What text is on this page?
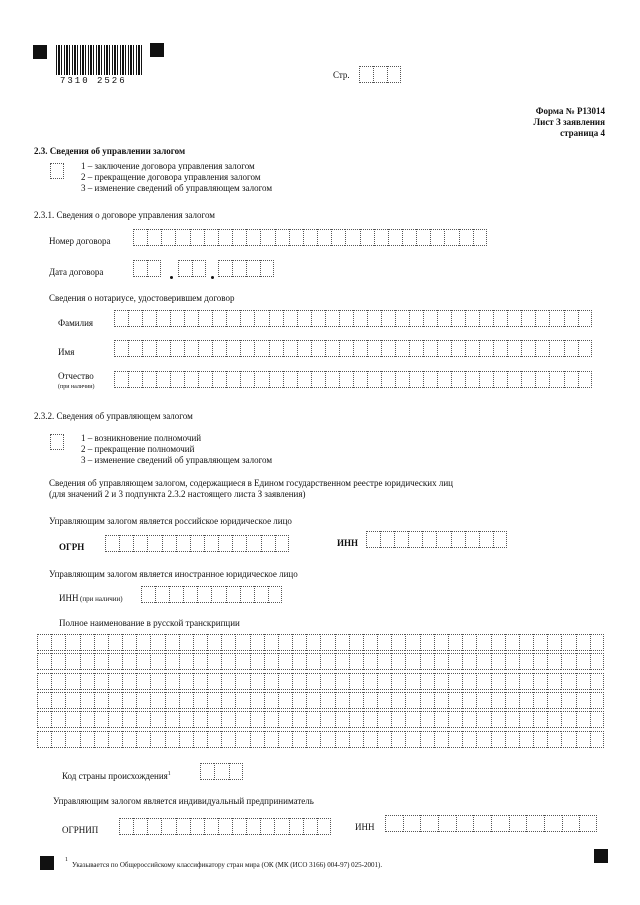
7310 2526
Стр.
Форма № Р13014
Лист З заявления
страница 4
2.3. Сведения об управлении залогом
1 – заключение договора управления залогом
2 – прекращение договора управления залогом
3 – изменение сведений об управляющем залогом
2.3.1. Сведения о договоре управления залогом
Номер договора
Дата договора
Сведения о нотариусе, удостоверившем договор
Фамилия
Имя
Отчество
(при наличии)
2.3.2. Сведения об управляющем залогом
1 – возникновение полномочий
2 – прекращение полномочий
3 – изменение сведений об управляющем залогом
Сведения об управляющем залогом, содержащиеся в Едином государственном реестре юридических лиц
(для значений 2 и 3 подпункта 2.3.2 настоящего листа З заявления)
Управляющим залогом является российское юридическое лицо
ОГРН	ИНН
Управляющим залогом является иностранное юридическое лицо
ИНН (при наличии)
Полное наименование в русской транскрипции
Код страны происхождения$^1$
Управляющим залогом является индивидуальный предприниматель
ОГРНИП	ИНН
1
Указывается по Общероссийскому классификатору стран мира (ОК (МК (ИСО 3166) 004-97) 025-2001).
